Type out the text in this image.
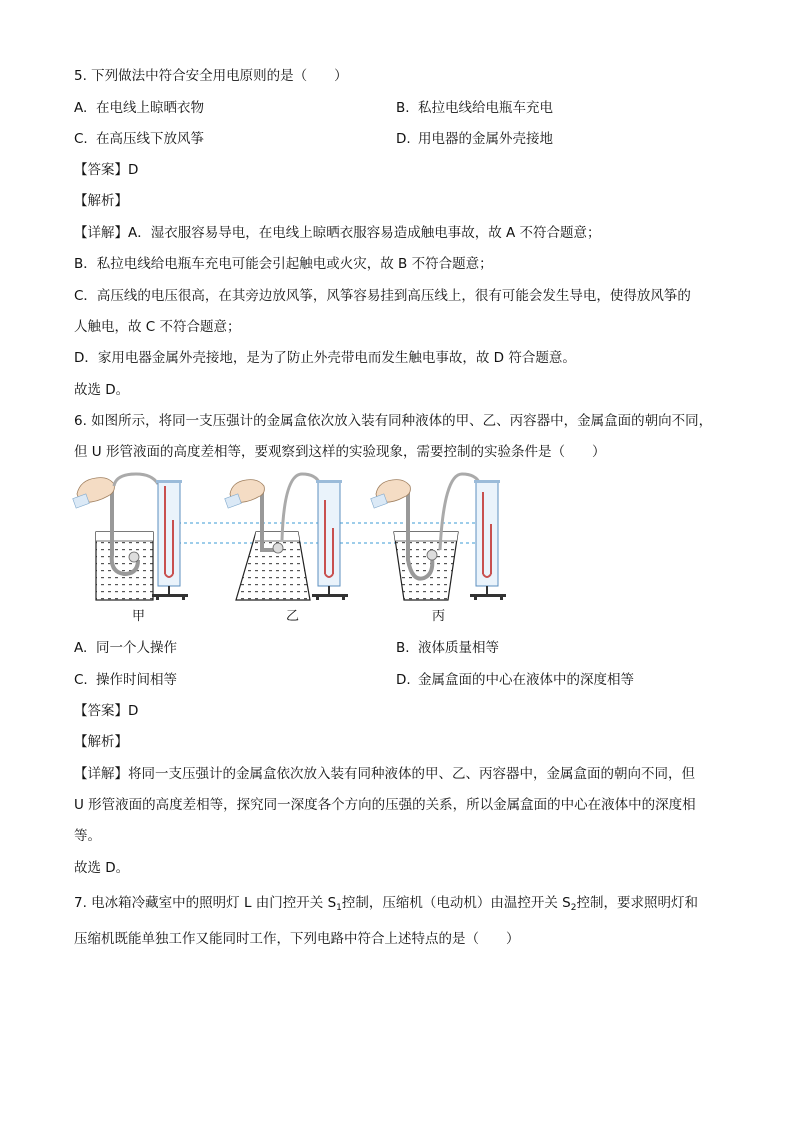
5. 下列做法中符合安全用电原则的是（　　）
A. 在电线上晾晒衣物	B. 私拉电线给电瓶车充电
C. 在高压线下放风筝	D. 用电器的金属外壳接地
【答案】D
【解析】
【详解】A．湿衣服容易导电，在电线上晾晒衣服容易造成触电事故，故 A 不符合题意；
B．私拉电线给电瓶车充电可能会引起触电或火灾，故 B 不符合题意；
C．高压线的电压很高，在其旁边放风筝，风筝容易挂到高压线上，很有可能会发生导电，使得放风筝的
人触电，故 C 不符合题意；
D．家用电器金属外壳接地，是为了防止外壳带电而发生触电事故，故 D 符合题意。
故选 D。
6. 如图所示，将同一支压强计的金属盒依次放入装有同种液体的甲、乙、丙容器中，金属盒面的朝向不同，
但 U 形管液面的高度差相等，要观察到这样的实验现象，需要控制的实验条件是（　　）
甲	乙	丙
A. 同一个人操作	B. 液体质量相等
C. 操作时间相等	D. 金属盒面的中心在液体中的深度相等
【答案】D
【解析】
【详解】将同一支压强计的金属盒依次放入装有同种液体的甲、乙、丙容器中，金属盒面的朝向不同，但
U 形管液面的高度差相等，探究同一深度各个方向的压强的关系，所以金属盒面的中心在液体中的深度相
等。
故选 D。
7. 电冰箱冷藏室中的照明灯 L 由门控开关 $S_1$控制，压缩机（电动机）由温控开关 $S_2$控制，要求照明灯和
压缩机既能单独工作又能同时工作，下列电路中符合上述特点的是（　　）
